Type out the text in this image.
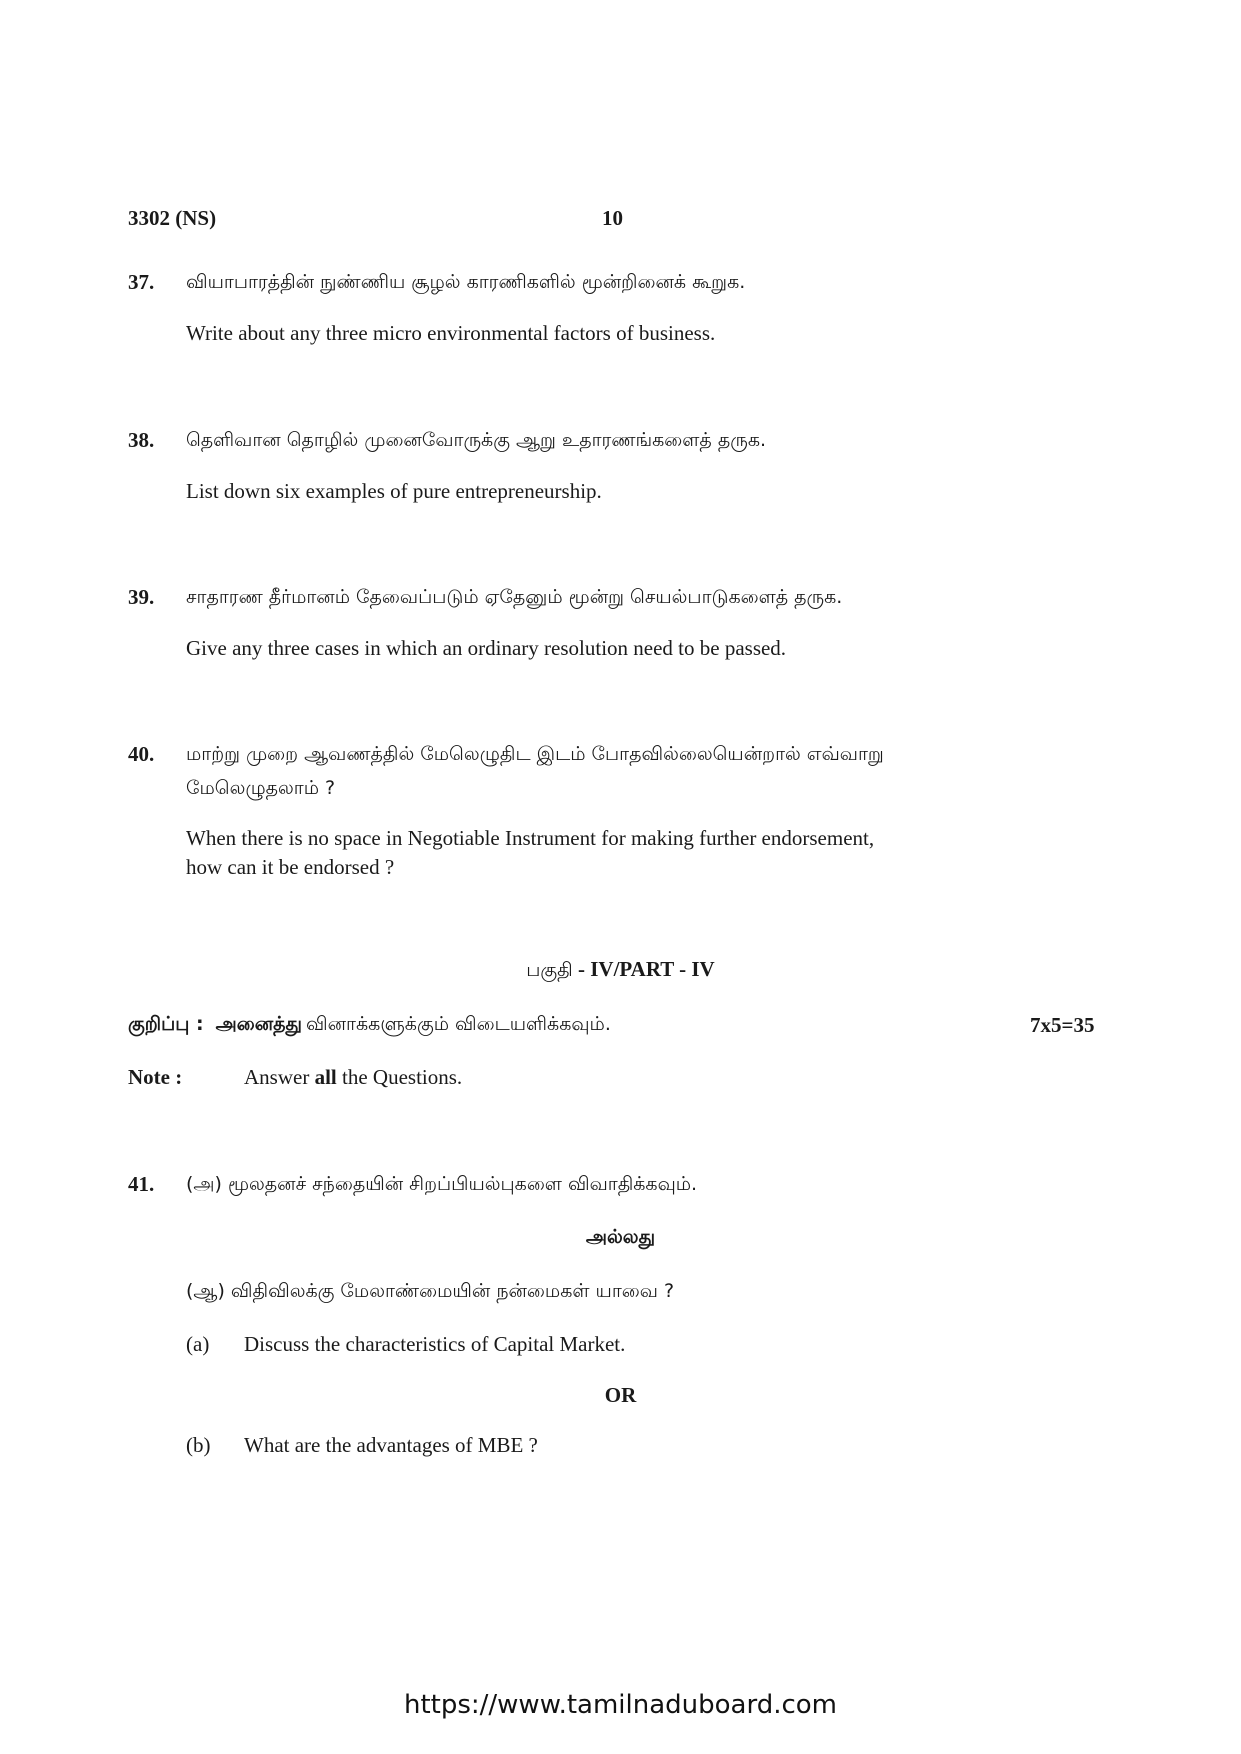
3302 (NS)	10
37. வியாபாரத்தின் நுண்ணிய சூழல் காரணிகளில் மூன்றினைக் கூறுக.
Write about any three micro environmental factors of business.
38. தெளிவான தொழில் முனைவோருக்கு ஆறு உதாரணங்களைத் தருக.
List down six examples of pure entrepreneurship.
39. சாதாரண தீர்மானம் தேவைப்படும் ஏதேனும் மூன்று செயல்பாடுகளைத் தருக.
Give any three cases in which an ordinary resolution need to be passed.
40. மாற்று முறை ஆவணத்தில் மேலெழுதிட இடம் போதவில்லையென்றால் எவ்வாறு
மேலெழுதலாம் ?
When there is no space in Negotiable Instrument for making further endorsement,
how can it be endorsed ?
பகுதி - IV/PART - IV
குறிப்பு : அனைத்து வினாக்களுக்கும் விடையளிக்கவும்.	7x5=35
Note :	Answer all the Questions.
41. (அ) மூலதனச் சந்தையின் சிறப்பியல்புகளை விவாதிக்கவும்.
அல்லது
(ஆ) விதிவிலக்கு மேலாண்மையின் நன்மைகள் யாவை ?
(a) Discuss the characteristics of Capital Market.
OR
(b) What are the advantages of MBE ?
https://www.tamilnaduboard.com
